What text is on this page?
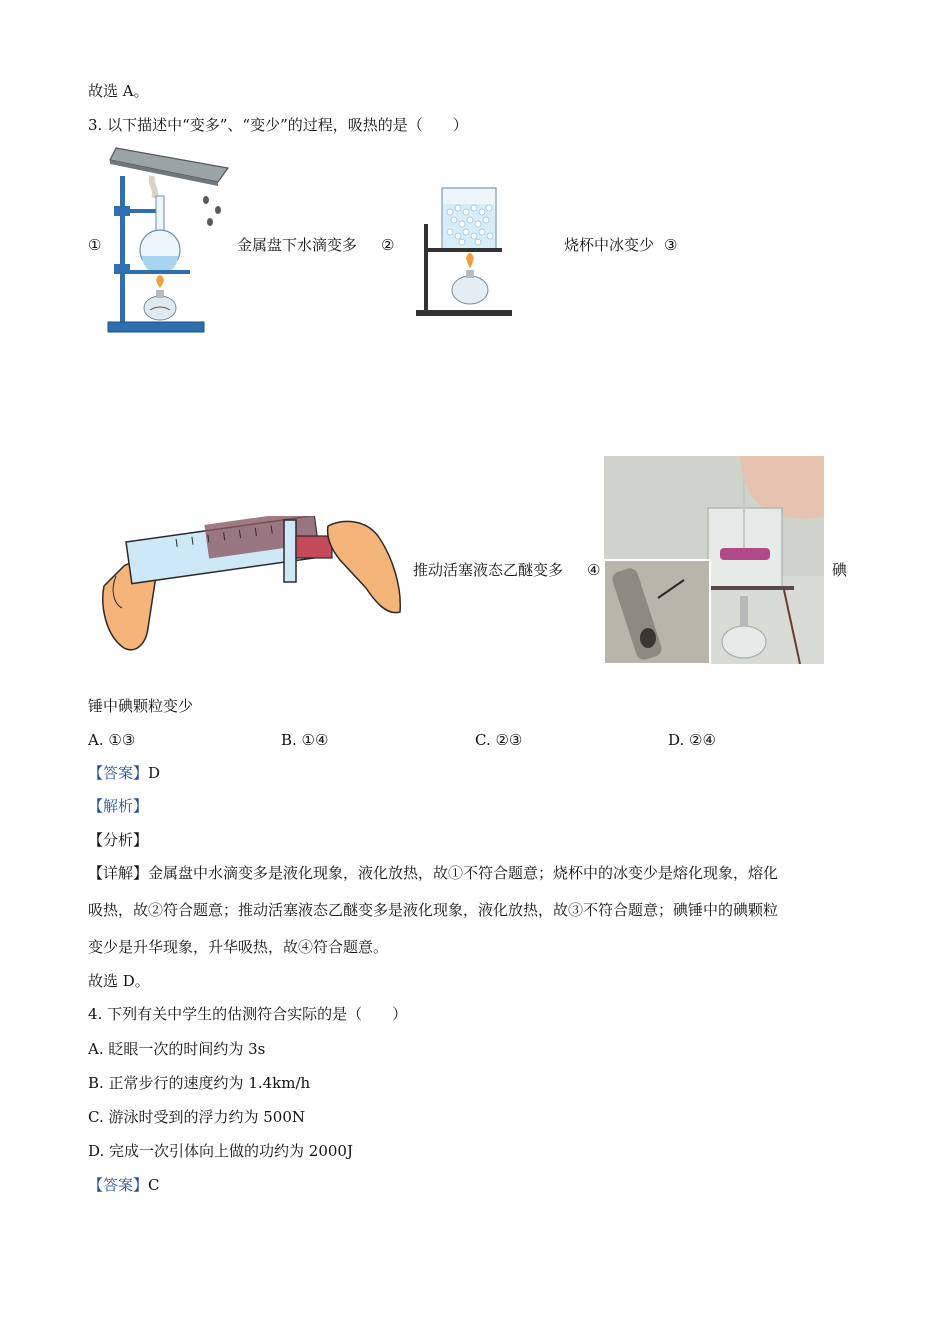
故选 A。
3. 以下描述中“变多”、“变少”的过程，吸热的是（　　）
①	金属盘下水滴变多 ②	烧杯中冰变少 ③
推动活塞液态乙醚变多 ④	碘
锤中碘颗粒变少
A. ①③	B. ①④	C. ②③	D. ②④
【答案】D
【解析】
【分析】
【详解】金属盘中水滴变多是液化现象，液化放热，故①不符合题意；烧杯中的冰变少是熔化现象，熔化
吸热，故②符合题意；推动活塞液态乙醚变多是液化现象，液化放热，故③不符合题意；碘锤中的碘颗粒
变少是升华现象，升华吸热，故④符合题意。
故选 D。
4. 下列有关中学生的估测符合实际的是（　　）
A. 眨眼一次的时间约为 3s
B. 正常步行的速度约为 1.4km/h
C. 游泳时受到的浮力约为 500N
D. 完成一次引体向上做的功约为 2000J
【答案】C
